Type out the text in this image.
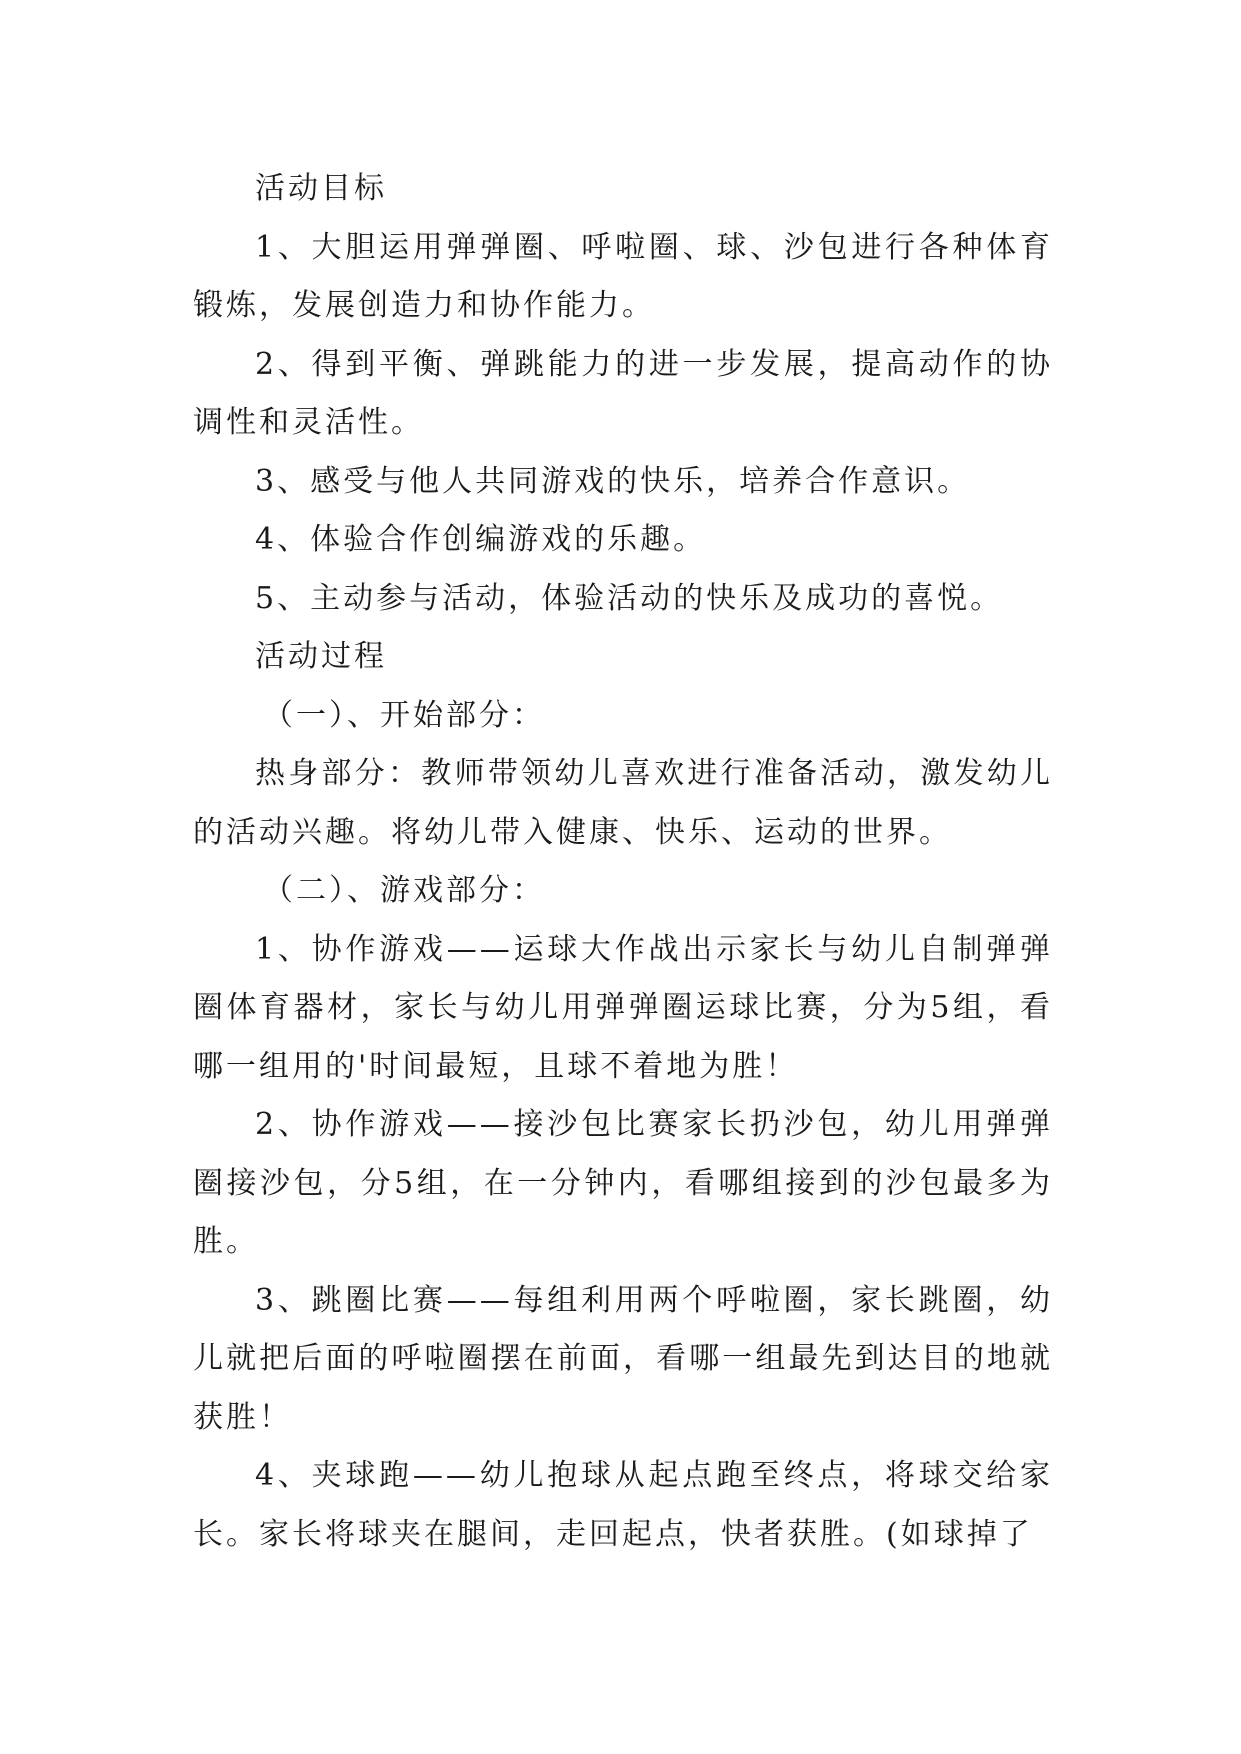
活动目标

1、大胆运用弹弹圈、呼啦圈、球、沙包进行各种体育锻炼，发展创造力和协作能力。

2、得到平衡、弹跳能力的进一步发展，提高动作的协调性和灵活性。

3、感受与他人共同游戏的快乐，培养合作意识。

4、体验合作创编游戏的乐趣。

5、主动参与活动，体验活动的快乐及成功的喜悦。

活动过程

（一）、开始部分：

热身部分：教师带领幼儿喜欢进行准备活动，激发幼儿的活动兴趣。将幼儿带入健康、快乐、运动的世界。

（二）、游戏部分：

1、协作游戏——运球大作战出示家长与幼儿自制弹弹圈体育器材，家长与幼儿用弹弹圈运球比赛，分为5组，看哪一组用的'时间最短，且球不着地为胜！

2、协作游戏——接沙包比赛家长扔沙包，幼儿用弹弹圈接沙包，分5组，在一分钟内，看哪组接到的沙包最多为胜。

3、跳圈比赛——每组利用两个呼啦圈，家长跳圈，幼儿就把后面的呼啦圈摆在前面，看哪一组最先到达目的地就获胜！

4、夹球跑——幼儿抱球从起点跑至终点，将球交给家长。家长将球夹在腿间，走回起点，快者获胜。(如球掉了
